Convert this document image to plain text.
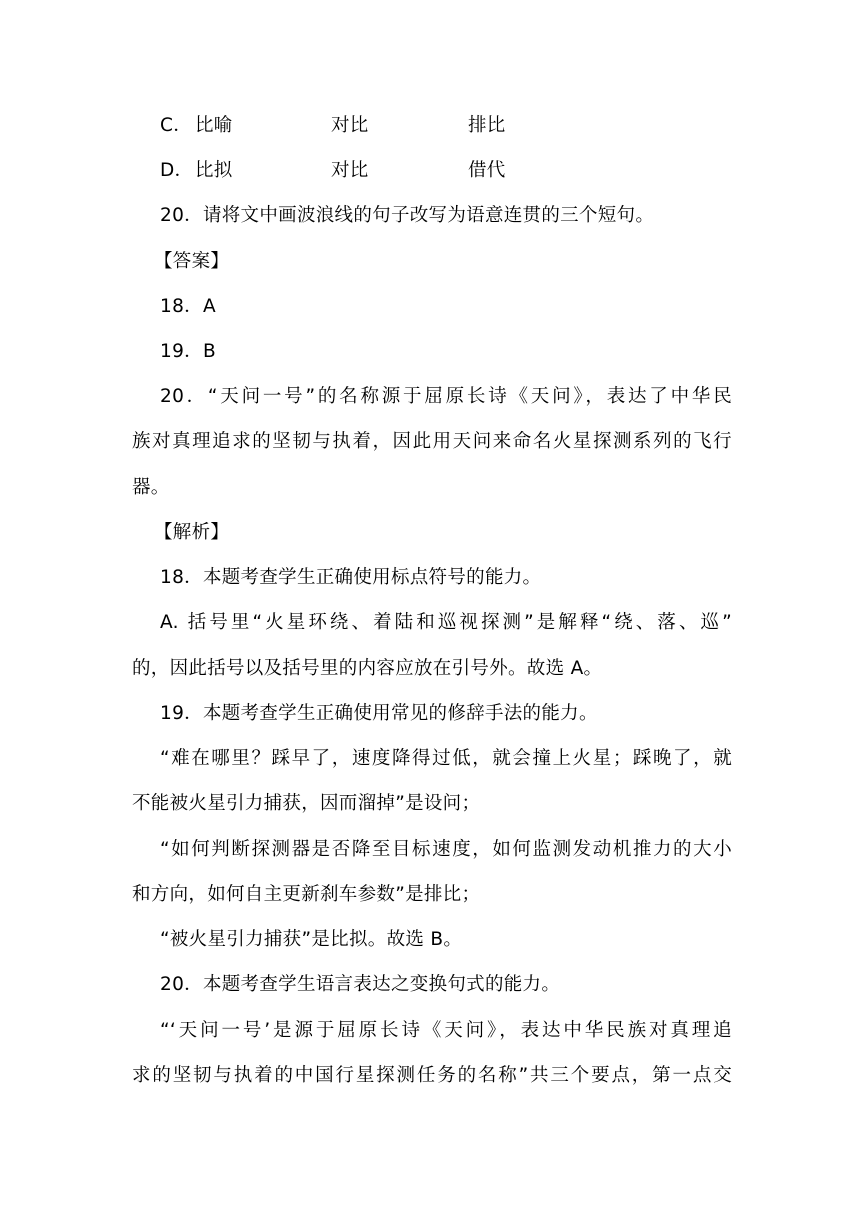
C． 比喻	对比	排比
D． 比拟	对比	借代
20．请将文中画波浪线的句子改写为语意连贯的三个短句。
【答案】
18．A
19．B
20．“天问一号”的名称源于屈原长诗《天问》，表达了中华民
族对真理追求的坚韧与执着，因此用天问来命名火星探测系列的飞行
器。
【解析】
18．本题考查学生正确使用标点符号的能力。
A. 括号里“火星环绕、着陆和巡视探测”是解释“绕、落、巡”
的，因此括号以及括号里的内容应放在引号外。故选 A。
19．本题考查学生正确使用常见的修辞手法的能力。
“难在哪里？踩早了，速度降得过低，就会撞上火星；踩晚了，就
不能被火星引力捕获，因而溜掉”是设问；
“如何判断探测器是否降至目标速度，如何监测发动机推力的大小
和方向，如何自主更新刹车参数”是排比；
“被火星引力捕获”是比拟。故选 B。
20．本题考查学生语言表达之变换句式的能力。
“‘天问一号’是源于屈原长诗《天问》，表达中华民族对真理追
求的坚韧与执着的中国行星探测任务的名称”共三个要点，第一点交
